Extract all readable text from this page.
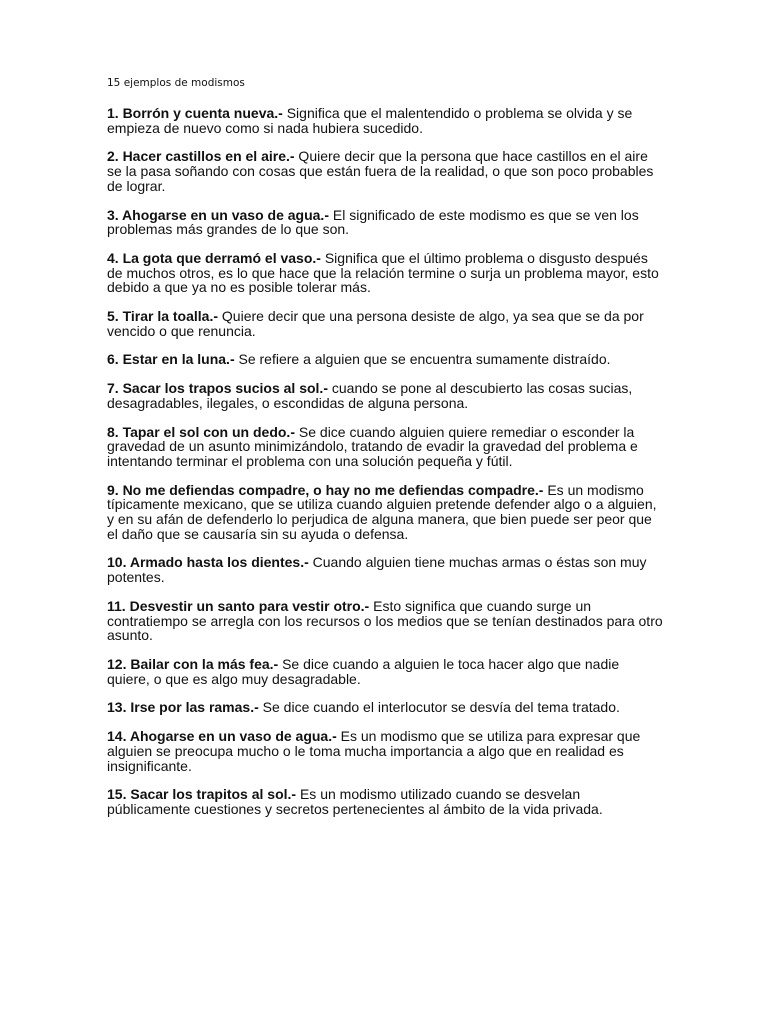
15 ejemplos de modismos

1. Borrón y cuenta nueva.- Significa que el malentendido o problema se olvida y se empieza de nuevo como si nada hubiera sucedido.

2. Hacer castillos en el aire.- Quiere decir que la persona que hace castillos en el aire se la pasa soñando con cosas que están fuera de la realidad, o que son poco probables de lograr.

3. Ahogarse en un vaso de agua.- El significado de este modismo es que se ven los problemas más grandes de lo que son.

4. La gota que derramó el vaso.- Significa que el último problema o disgusto después de muchos otros, es lo que hace que la relación termine o surja un problema mayor, esto debido a que ya no es posible tolerar más.

5. Tirar la toalla.- Quiere decir que una persona desiste de algo, ya sea que se da por vencido o que renuncia.

6. Estar en la luna.- Se refiere a alguien que se encuentra sumamente distraído.

7. Sacar los trapos sucios al sol.- cuando se pone al descubierto las cosas sucias, desagradables, ilegales, o escondidas de alguna persona.

8. Tapar el sol con un dedo.- Se dice cuando alguien quiere remediar o esconder la gravedad de un asunto minimizándolo, tratando de evadir la gravedad del problema e intentando terminar el problema con una solución pequeña y fútil.

9. No me defiendas compadre, o hay no me defiendas compadre.- Es un modismo típicamente mexicano, que se utiliza cuando alguien pretende defender algo o a alguien, y en su afán de defenderlo lo perjudica de alguna manera, que bien puede ser peor que el daño que se causaría sin su ayuda o defensa.

10. Armado hasta los dientes.- Cuando alguien tiene muchas armas o éstas son muy potentes.

11. Desvestir un santo para vestir otro.- Esto significa que cuando surge un contratiempo se arregla con los recursos o los medios que se tenían destinados para otro asunto.

12. Bailar con la más fea.- Se dice cuando a alguien le toca hacer algo que nadie quiere, o que es algo muy desagradable.

13. Irse por las ramas.- Se dice cuando el interlocutor se desvía del tema tratado.

14. Ahogarse en un vaso de agua.- Es un modismo que se utiliza para expresar que alguien se preocupa mucho o le toma mucha importancia a algo que en realidad es insignificante.

15. Sacar los trapitos al sol.- Es un modismo utilizado cuando se desvelan públicamente cuestiones y secretos pertenecientes al ámbito de la vida privada.
